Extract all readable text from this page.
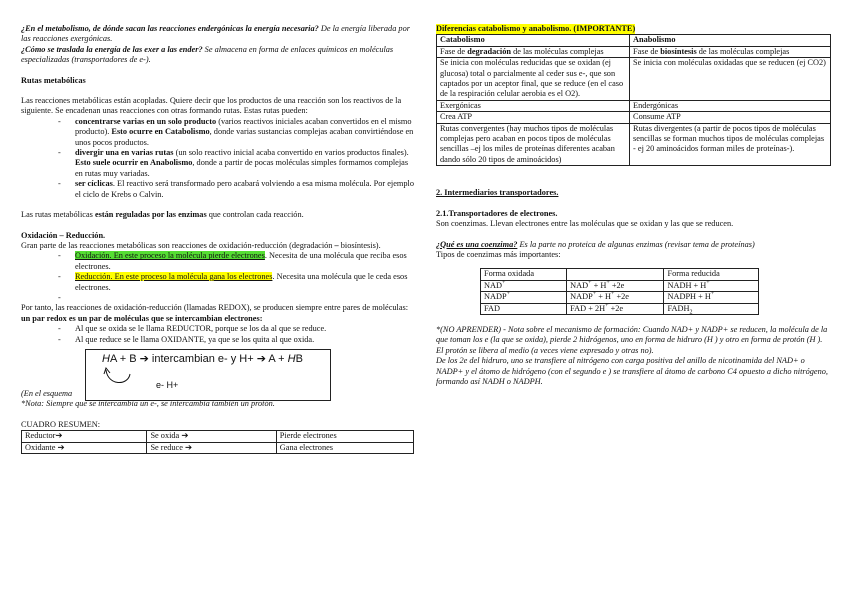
¿En el metabolismo, de dónde sacan las reacciones endergónicas la energía necesaria? De la energía liberada por las reacciones exergónicas.
¿Cómo se traslada la energía de las exer a las ender? Se almacena en forma de enlaces químicos en moléculas especializadas (transportadores de e-).

Rutas metabólicas

Las reacciones metabólicas están acopladas. Quiere decir que los productos de una reacción son los reactivos de la siguiente. Se encadenan unas reacciones con otras formando rutas. Estas rutas pueden:

- concentrarse varias en un solo producto (varios reactivos iniciales acaban convertidos en el mismo producto). Esto ocurre en Catabolismo, donde varias sustancias complejas acaban convirtiéndose en unos pocos productos.
- divergir una en varias rutas (un solo reactivo inicial acaba convertido en varios productos finales). Esto suele ocurrir en Anabolismo, donde a partir de pocas moléculas simples formamos complejas en rutas muy variadas.
- ser cíclicas. El reactivo será transformado pero acabará volviendo a esa misma molécula. Por ejemplo el ciclo de Krebs o Calvin.

Las rutas metabólicas están reguladas por las enzimas que controlan cada reacción.

Oxidación – Reducción.

Gran parte de las reacciones metabólicas son reacciones de oxidación-reducción (degradación – biosíntesis).

- Oxidación. En este proceso la molécula pierde electrones. Necesita de una molécula que reciba esos electrones.
- Reducción. En este proceso la molécula gana los electrones. Necesita una molécula que le ceda esos electrones.
-

Por tanto, las reacciones de oxidación-reducción (llamadas REDOX), se producen siempre entre pares de moléculas: un par redox es un par de moléculas que se intercambian electrones:

- Al que se oxida se le llama REDUCTOR, porque se los da al que se reduce.
- Al que reduce se le llama OXIDANTE, ya que se los quita al que oxida.
HA + B ➔ intercambian e- y H+ ➔ A + HB
e- H+

(En el esquema

*Nota: Siempre que se intercambia un e-, se intercambia también un protón.

CUADRO RESUMEN:

Reductor➔	Se oxida ➔	Pierde electrones
Oxidante ➔	Se reduce ➔	Gana electrones

Diferencias catabolismo y anabolismo. (IMPORTANTE)

Catabolismo	Anabolismo
Fase de degradación de las moléculas complejas	Fase de biosíntesis de las moléculas complejas
Se inicia con moléculas reducidas que se oxidan (ej glucosa) total o parcialmente al ceder sus e-, que son captados por un aceptor final, que se reduce (en el caso de la respiración celular aerobia es el O2).	Se inicia con moléculas oxidadas que se reducen (ej CO2)
Exergónicas	Endergónicas
Crea ATP	Consume ATP
Rutas convergentes (hay muchos tipos de moléculas complejas pero acaban en pocos tipos de moléculas sencillas –ej los miles de proteínas diferentes acaban dando sólo 20 tipos de aminoácidos)	Rutas divergentes (a partir de pocos tipos de moléculas sencillas se forman muchos tipos de moléculas complejas - ej 20 aminoácidos forman miles de proteínas-).

2. Intermediarios transportadores.

2.1.Transportadores de electrones.

Son coenzimas. Llevan electrones entre las moléculas que se oxidan y las que se reducen.

¿Qué es una coenzima? Es la parte no proteica de algunas enzimas (revisar tema de proteínas)

Tipos de coenzimas más importantes:

Forma oxidada		Forma reducida
NAD+	NAD+ + H+ +2e	NADH + H+
NADP+	NADP+ + H+ +2e	NADPH + H+
FAD	FAD + 2H+ +2e	$FADH_2$

*(NO APRENDER) - Nota sobre el mecanismo de formación: Cuando NAD+ y NADP+ se reducen, la molécula de la que toman los e (la que se oxida), pierde 2 hidrógenos, uno en forma de hidruro (H ) y otro en forma de protón (H ).

El protón se libera al medio (a veces viene expresado y otras no).

De los 2e del hidruro, uno se transfiere al nitrógeno con carga positiva del anillo de nicotinamida del NAD+ o NADP+ y el átomo de hidrógeno (con el segundo e ) se transfiere al átomo de carbono C4 opuesto a dicho nitrógeno, formando así NADH o NADPH.
